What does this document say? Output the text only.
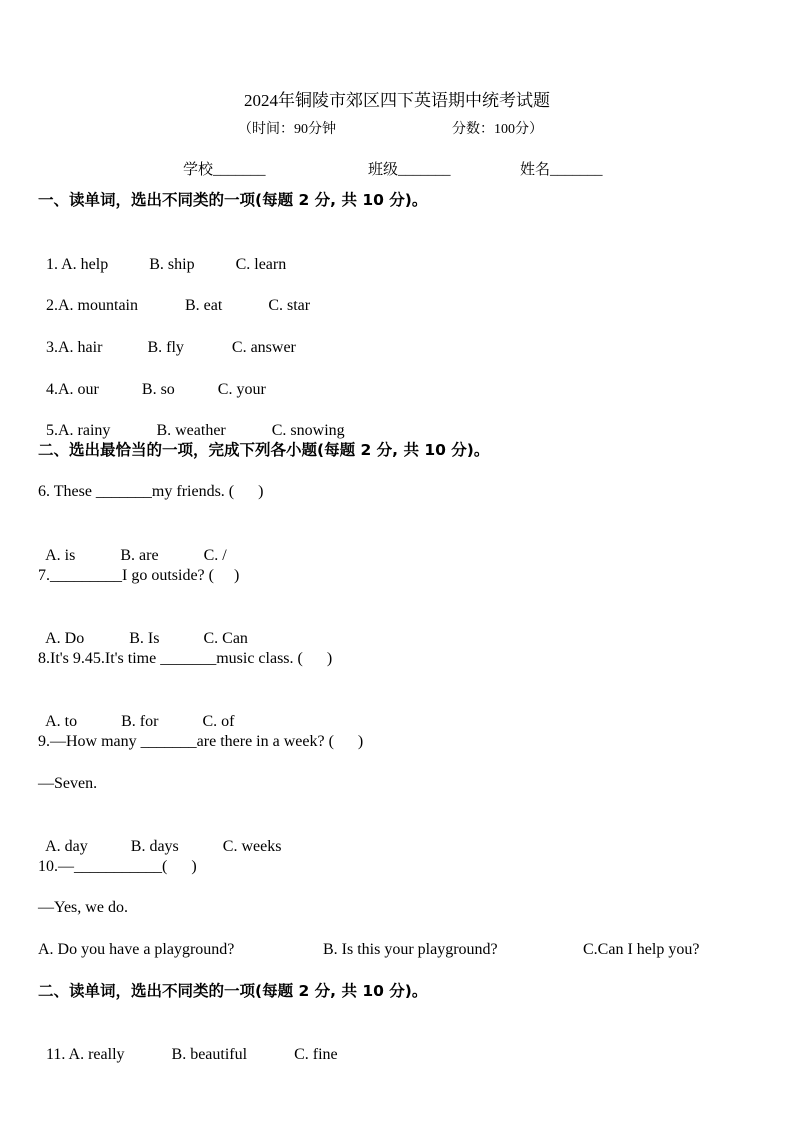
2024年铜陵市郊区四下英语期中统考试题
（时间：90分钟	分数：100分）
学校_______	班级_______	姓名_______
一、读单词，选出不同类的一项(每题 2 分, 共 10 分)。

1. A. help	B. ship	C. learn

2.A. mountain	B. eat	C. star

3.A. hair	B. fly	C. answer

4.A. our	B. so	C. your

5.A. rainy	B. weather	C. snowing

二、选出最恰当的一项，完成下列各小题(每题 2 分, 共 10 分)。
6. These _______my friends. (      )

A. is	B. are	C. /

7._________I go outside? (     )

A. Do	B. Is	C. Can

8.It's 9.45.It's time _______music class. (      )

A. to	B. for	C. of

9.—How many _______are there in a week? (      )
—Seven.

A. day	B. days	C. weeks

10.—___________(      )
—Yes, we do.
A. Do you have a playground?	B. Is this your playground?	C.Can I help you?
二、读单词，选出不同类的一项(每题 2 分, 共 10 分)。

11. A. really	B. beautiful	C. fine
